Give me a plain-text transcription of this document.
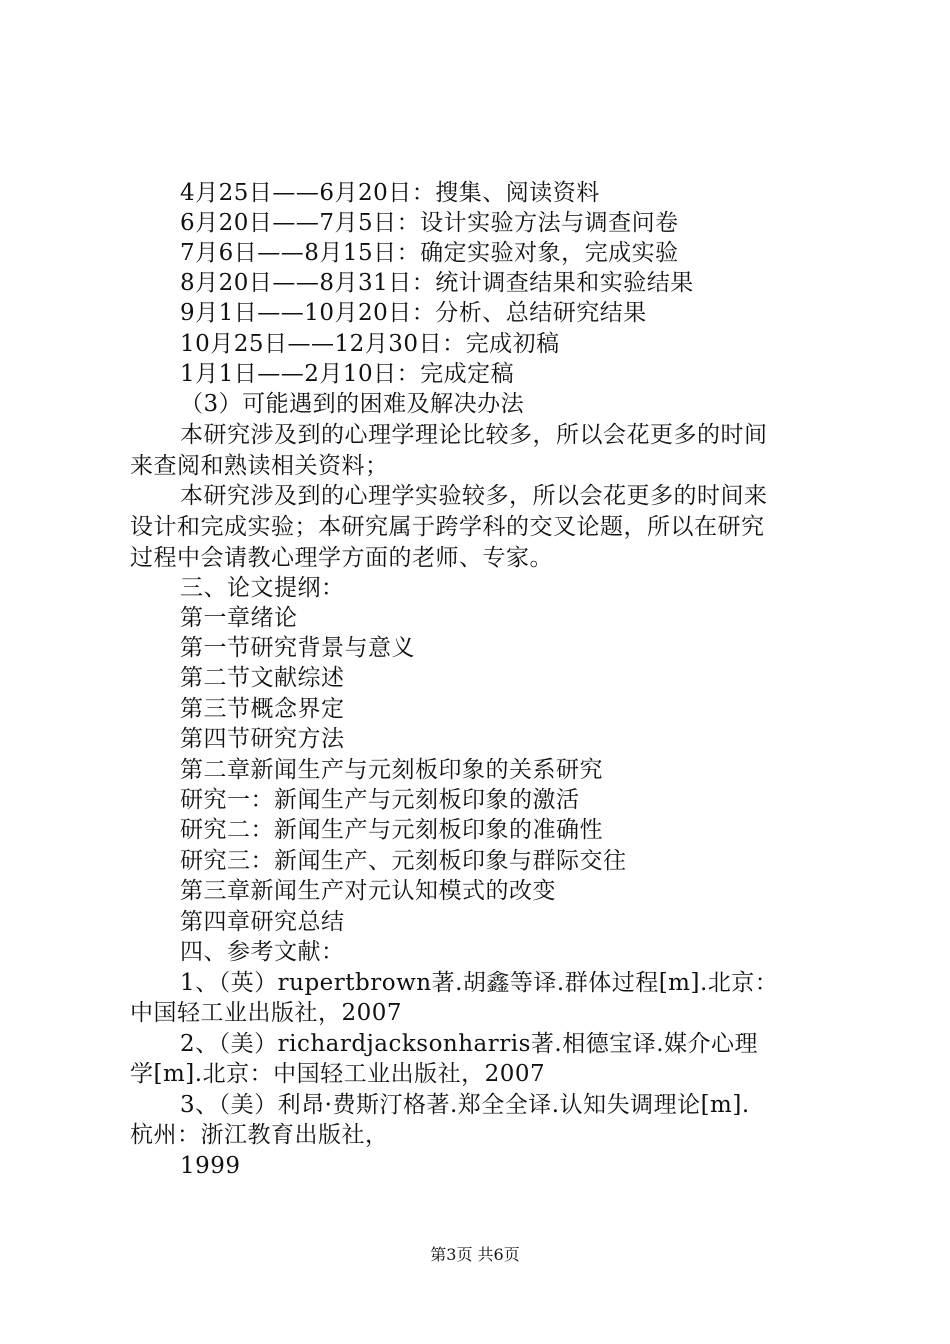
4月25日——6月20日：搜集、阅读资料
6月20日——7月5日：设计实验方法与调查问卷
7月6日——8月15日：确定实验对象，完成实验
8月20日——8月31日：统计调查结果和实验结果
9月1日——10月20日：分析、总结研究结果
10月25日——12月30日：完成初稿
1月1日——2月10日：完成定稿
（3）可能遇到的困难及解决办法
本研究涉及到的心理学理论比较多，所以会花更多的时间
来查阅和熟读相关资料；
本研究涉及到的心理学实验较多，所以会花更多的时间来
设计和完成实验；本研究属于跨学科的交叉论题，所以在研究
过程中会请教心理学方面的老师、专家。
三、论文提纲：
第一章绪论
第一节研究背景与意义
第二节文献综述
第三节概念界定
第四节研究方法
第二章新闻生产与元刻板印象的关系研究
研究一：新闻生产与元刻板印象的激活
研究二：新闻生产与元刻板印象的准确性
研究三：新闻生产、元刻板印象与群际交往
第三章新闻生产对元认知模式的改变
第四章研究总结
四、参考文献：
1、（英）rupertbrown著.胡鑫等译.群体过程[m].北京：
中国轻工业出版社，2007
2、（美）richardjacksonharris著.相德宝译.媒介心理
学[m].北京：中国轻工业出版社，2007
3、（美）利昂·费斯汀格著.郑全全译.认知失调理论[m].
杭州：浙江教育出版社，
1999
第3页 共6页
